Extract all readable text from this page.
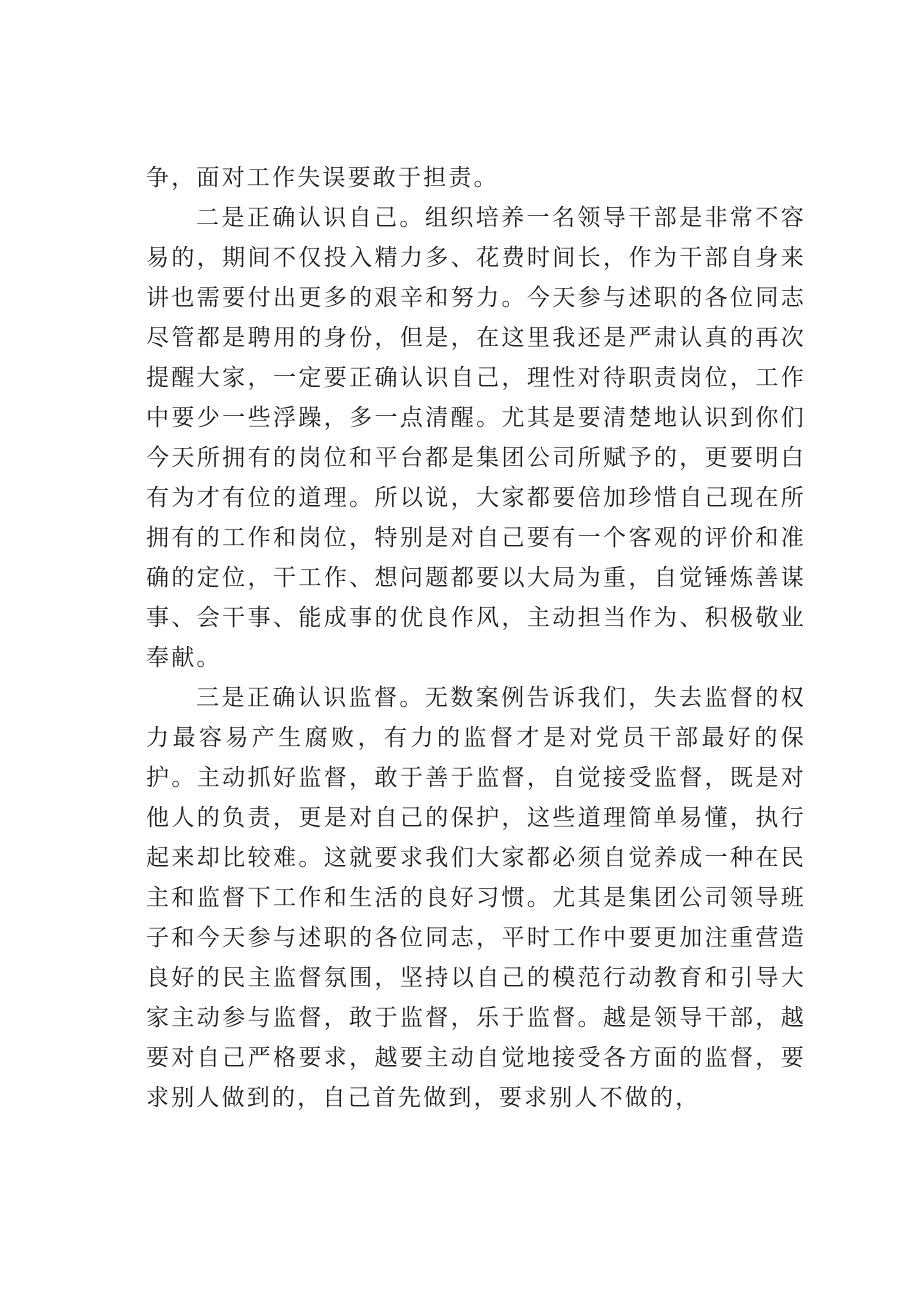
争，面对工作失误要敢于担责。

二是正确认识自己。组织培养一名领导干部是非常不容易的，期间不仅投入精力多、花费时间长，作为干部自身来讲也需要付出更多的艰辛和努力。今天参与述职的各位同志尽管都是聘用的身份，但是，在这里我还是严肃认真的再次提醒大家，一定要正确认识自己，理性对待职责岗位，工作中要少一些浮躁，多一点清醒。尤其是要清楚地认识到你们今天所拥有的岗位和平台都是集团公司所赋予的，更要明白有为才有位的道理。所以说，大家都要倍加珍惜自己现在所拥有的工作和岗位，特别是对自己要有一个客观的评价和准确的定位，干工作、想问题都要以大局为重，自觉锤炼善谋事、会干事、能成事的优良作风，主动担当作为、积极敬业奉献。

三是正确认识监督。无数案例告诉我们，失去监督的权力最容易产生腐败，有力的监督才是对党员干部最好的保护。主动抓好监督，敢于善于监督，自觉接受监督，既是对他人的负责，更是对自己的保护，这些道理简单易懂，执行起来却比较难。这就要求我们大家都必须自觉养成一种在民主和监督下工作和生活的良好习惯。尤其是集团公司领导班子和今天参与述职的各位同志，平时工作中要更加注重营造良好的民主监督氛围，坚持以自己的模范行动教育和引导大家主动参与监督，敢于监督，乐于监督。越是领导干部，越要对自己严格要求，越要主动自觉地接受各方面的监督，要求别人做到的，自己首先做到，要求别人不做的，
